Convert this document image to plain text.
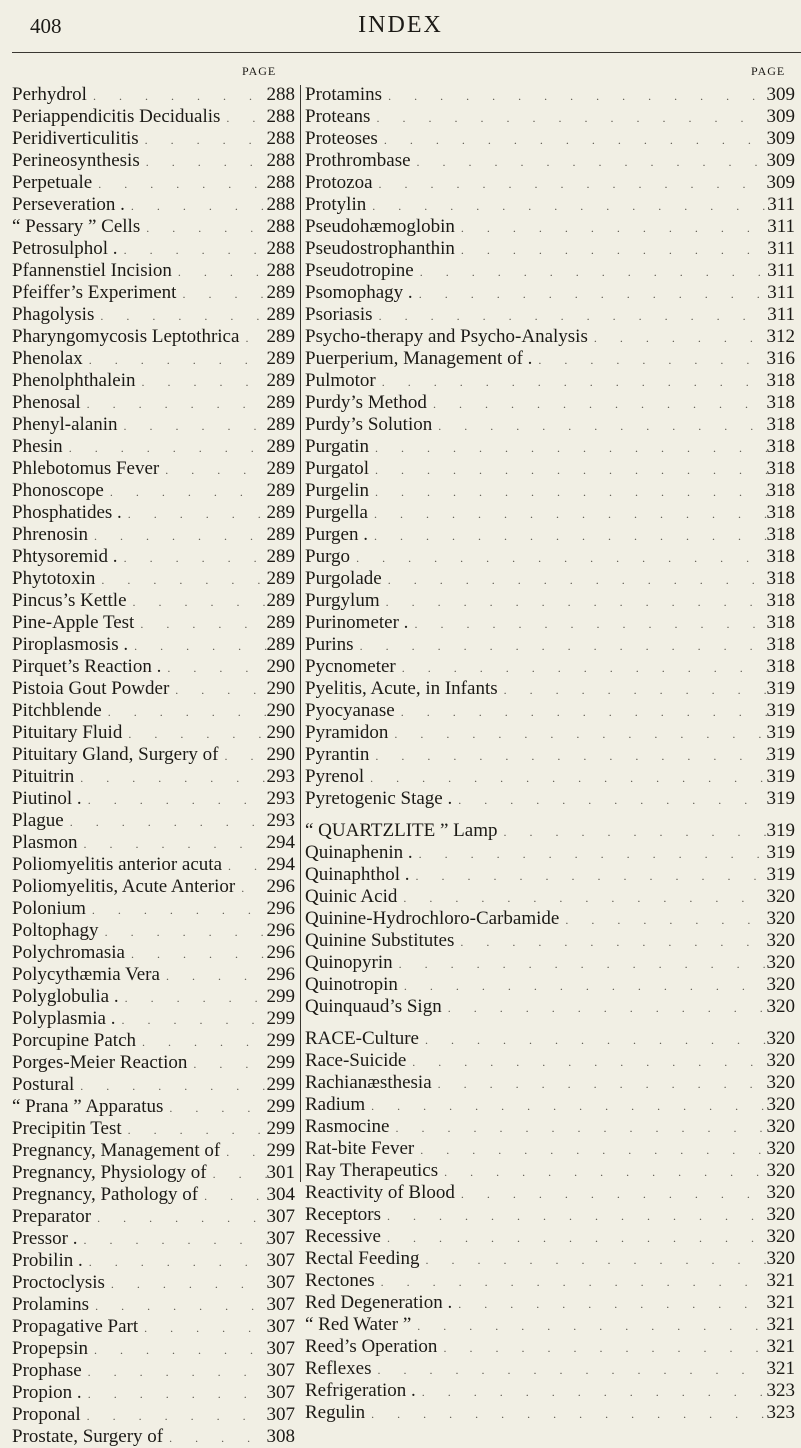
408	INDEX
PAGE	PAGE
Perhydrol . . .	288
Periappendicitis Decidualis . . . 288
Peridiverticulitis . . .	288
Perineosynthesis . . .	288
Perpetuale . . .	288
Perseveration . . . .	288
“ Pessary ” Cells . . .	288
Petrosulphol . . . .	288
Pfannenstiel Incision . . .	288
Pfeiffer’s Experiment . . .	289
Phagolysis . . .	289
Pharyngomycosis Leptothrica . . . 289
Phenolax . . .	289
Phenolphthalein . . .	289
Phenosal . . .	289
Phenyl-alanin . . .	289
Phesin . . .	289
Phlebotomus Fever . . .	289
Phonoscope . . .	289
Phosphatides . . . .	289
Phrenosin . . .	289
Phtysoremid . . . .	289
Phytotoxin . . .	289
Pincus’s Kettle . . .	289
Pine-Apple Test . . .	289
Piroplasmosis . . . .	289
Pirquet’s Reaction . . . .	290
Pistoia Gout Powder . . .	290
Pitchblende . . .	290
Pituitary Fluid . . .	290
Pituitary Gland, Surgery of . . .	290
Pituitrin . . .	293
Piutinol . . . .	293
Plague . . .	293
Plasmon . . .	294
Poliomyelitis anterior acuta . . . 294
Poliomyelitis, Acute Anterior . . . 296
Polonium . . .	296
Poltophagy . . .	296
Polychromasia . . .	296
Polycythæmia Vera . . .	296
Polyglobulia . . . .	299
Polyplasmia . . . .	299
Porcupine Patch . . .	299
Porges-Meier Reaction . . .	299
Postural . . .	299
“ Prana ” Apparatus . . .	299
Precipitin Test . . .	299
Pregnancy, Management of . . . 299
Pregnancy, Physiology of . . .	301
Pregnancy, Pathology of . . .	304
Preparator . . .	307
Pressor . . . .	307
Probilin . . . .	307
Proctoclysis . . .	307
Prolamins . . .	307
Propagative Part . . .	307
Propepsin . . .	307
Prophase . . .	307
Propion . . . .	307
Proponal . . .	307
Prostate, Surgery of . . .	308
Protamins . . .	309
Proteans . . .	309
Proteoses . . .	309
Prothrombase . . .	309
Protozoa . . .	309
Protylin . . .	311
Pseudohæmoglobin . . .	311
Pseudostrophanthin . . .	311
Pseudotropine . . .	311
Psomophagy . . . .	311
Psoriasis . . .	311
Psycho-therapy and Psycho-Analysis . . .	312
Puerperium, Management of . . . .	316
Pulmotor . . .	318
Purdy’s Method . . .	318
Purdy’s Solution . . .	318
Purgatin . . .	318
Purgatol . . .	318
Purgelin . . .	318
Purgella . . .	318
Purgen . . . .	318
Purgo . . .	318
Purgolade . . .	318
Purgylum . . .	318
Purinometer . . . .	318
Purins . . .	318
Pycnometer . . .	318
Pyelitis, Acute, in Infants . . .	319
Pyocyanase . . .	319
Pyramidon . . .	319
Pyrantin . . .	319
Pyrenol . . .	319
Pyretogenic Stage . . . .	319
“ QUARTZLITE ” Lamp . . .	319
Quinaphenin . . . .	319
Quinaphthol . . . .	319
Quinic Acid . . .	320
Quinine-Hydrochloro-Carbamide . . .	320
Quinine Substitutes . . .	320
Quinopyrin . . .	320
Quinotropin . . .	320
Quinquaud’s Sign . . .	320
RACE-Culture . . .	320
Race-Suicide . . .	320
Rachianæsthesia . . .	320
Radium . . .	320
Rasmocine . . .	320
Rat-bite Fever . . .	320
Ray Therapeutics . . .	320
Reactivity of Blood . . .	320
Receptors . . .	320
Recessive . . .	320
Rectal Feeding . . .	320
Rectones . . .	321
Red Degeneration . . . .	321
“ Red Water ” . . .	321
Reed’s Operation . . .	321
Reflexes . . .	321
Refrigeration . . . .	323
Regulin . . .	323
